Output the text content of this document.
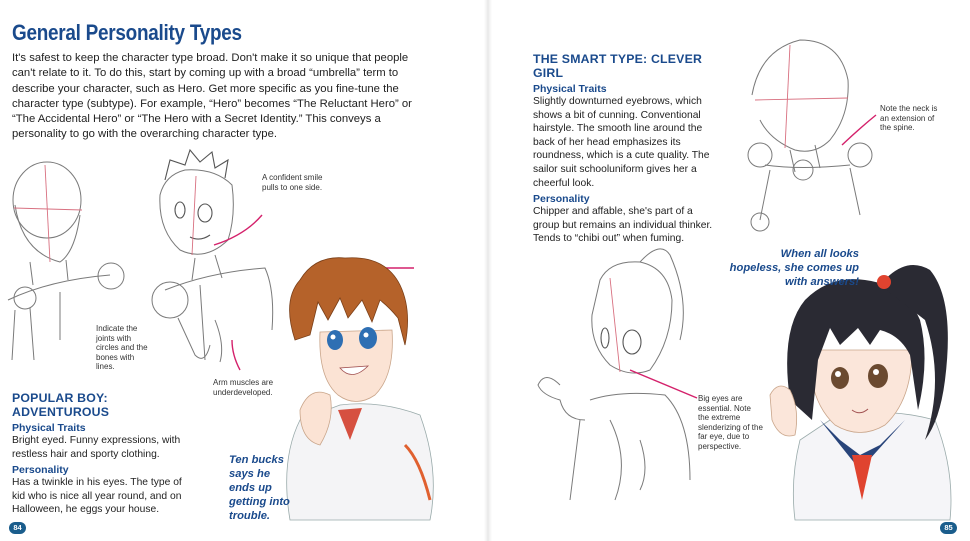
General Personality Types
It's safest to keep the character type broad. Don't make it so unique that people can't relate to it. To do this, start by coming up with a broad “umbrella” term to describe your character, such as Hero. Get more specific as you fine-tune the character type (subtype). For example, “Hero” becomes “The Reluctant Hero” or “The Accidental Hero” or “The Hero with a Secret Identity.” This conveys a personality to go with the overarching character type.
A confident smile pulls to one side.
Indicate the joints with circles and the bones with lines.
Arm muscles are underdeveloped.
POPULAR BOY: ADVENTUROUS
Physical Traits
Bright eyed. Funny expressions, with restless hair and sporty clothing.
Personality
Has a twinkle in his eyes. The type of kid who is nice all year round, and on Halloween, he eggs your house.
Ten bucks says he ends up getting into trouble.
84
THE SMART TYPE: CLEVER GIRL
Physical Traits
Slightly downturned eyebrows, which shows a bit of cunning. Conventional hairstyle. The smooth line around the back of her head emphasizes its roundness, which is a cute quality. The sailor suit schooluniform gives her a cheerful look.
Personality
Chipper and affable, she's part of a group but remains an individual thinker. Tends to “chibi out” when fuming.
Note the neck is an extension of the spine.
Big eyes are essential. Note the extreme slenderizing of the far eye, due to perspective.
When all looks hopeless, she comes up with answers!
85
